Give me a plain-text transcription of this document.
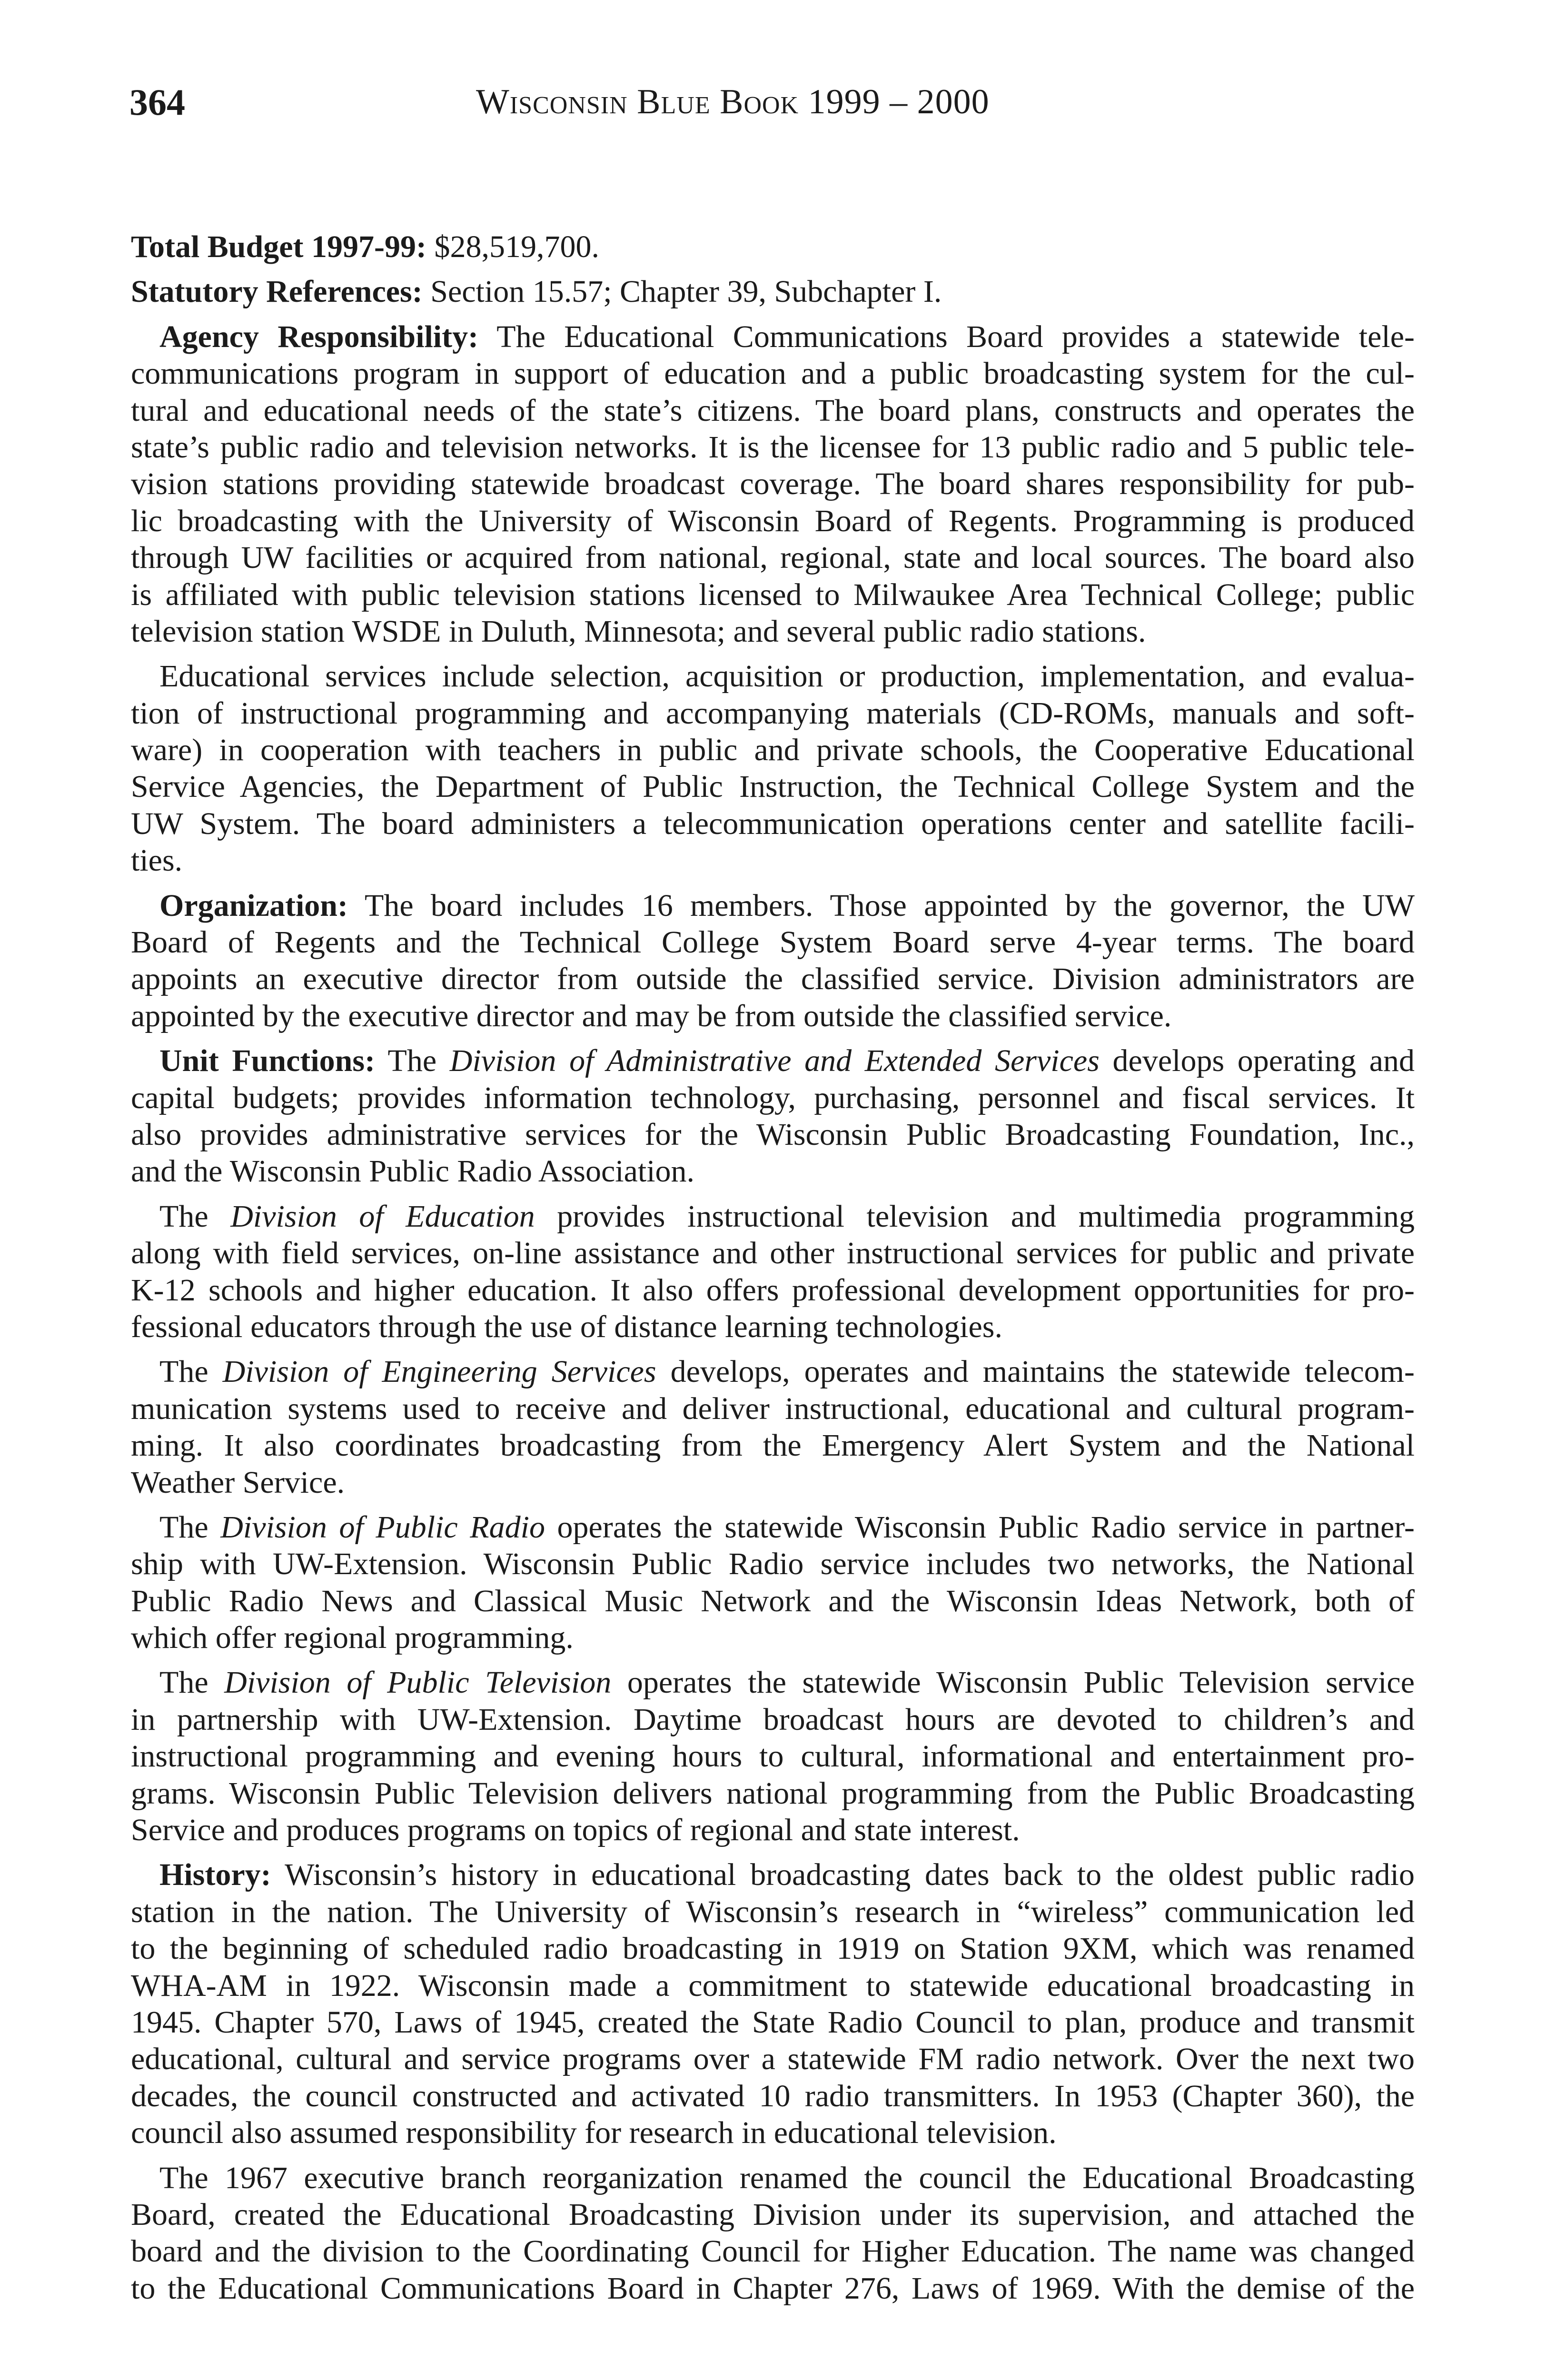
364	Wisconsin Blue Book 1999 – 2000
Total Budget 1997-99: $28,519,700.
Statutory References: Section 15.57; Chapter 39, Subchapter I.
Agency Responsibility: The Educational Communications Board provides a statewide tele-
communications program in support of education and a public broadcasting system for the cul-
tural and educational needs of the state’s citizens. The board plans, constructs and operates the
state’s public radio and television networks. It is the licensee for 13 public radio and 5 public tele-
vision stations providing statewide broadcast coverage. The board shares responsibility for pub-
lic broadcasting with the University of Wisconsin Board of Regents. Programming is produced
through UW facilities or acquired from national, regional, state and local sources. The board also
is affiliated with public television stations licensed to Milwaukee Area Technical College; public
television station WSDE in Duluth, Minnesota; and several public radio stations.
Educational services include selection, acquisition or production, implementation, and evalua-
tion of instructional programming and accompanying materials (CD-ROMs, manuals and soft-
ware) in cooperation with teachers in public and private schools, the Cooperative Educational
Service Agencies, the Department of Public Instruction, the Technical College System and the
UW System. The board administers a telecommunication operations center and satellite facili-
ties.
Organization: The board includes 16 members. Those appointed by the governor, the UW
Board of Regents and the Technical College System Board serve 4-year terms. The board
appoints an executive director from outside the classified service. Division administrators are
appointed by the executive director and may be from outside the classified service.
Unit Functions: The Division of Administrative and Extended Services develops operating and
capital budgets; provides information technology, purchasing, personnel and fiscal services. It
also provides administrative services for the Wisconsin Public Broadcasting Foundation, Inc.,
and the Wisconsin Public Radio Association.
The Division of Education provides instructional television and multimedia programming
along with field services, on-line assistance and other instructional services for public and private
K-12 schools and higher education. It also offers professional development opportunities for pro-
fessional educators through the use of distance learning technologies.
The Division of Engineering Services develops, operates and maintains the statewide telecom-
munication systems used to receive and deliver instructional, educational and cultural program-
ming. It also coordinates broadcasting from the Emergency Alert System and the National
Weather Service.
The Division of Public Radio operates the statewide Wisconsin Public Radio service in partner-
ship with UW-Extension. Wisconsin Public Radio service includes two networks, the National
Public Radio News and Classical Music Network and the Wisconsin Ideas Network, both of
which offer regional programming.
The Division of Public Television operates the statewide Wisconsin Public Television service
in partnership with UW-Extension. Daytime broadcast hours are devoted to children’s and
instructional programming and evening hours to cultural, informational and entertainment pro-
grams. Wisconsin Public Television delivers national programming from the Public Broadcasting
Service and produces programs on topics of regional and state interest.
History: Wisconsin’s history in educational broadcasting dates back to the oldest public radio
station in the nation. The University of Wisconsin’s research in “wireless” communication led
to the beginning of scheduled radio broadcasting in 1919 on Station 9XM, which was renamed
WHA-AM in 1922. Wisconsin made a commitment to statewide educational broadcasting in
1945. Chapter 570, Laws of 1945, created the State Radio Council to plan, produce and transmit
educational, cultural and service programs over a statewide FM radio network. Over the next two
decades, the council constructed and activated 10 radio transmitters. In 1953 (Chapter 360), the
council also assumed responsibility for research in educational television.
The 1967 executive branch reorganization renamed the council the Educational Broadcasting
Board, created the Educational Broadcasting Division under its supervision, and attached the
board and the division to the Coordinating Council for Higher Education. The name was changed
to the Educational Communications Board in Chapter 276, Laws of 1969. With the demise of the
